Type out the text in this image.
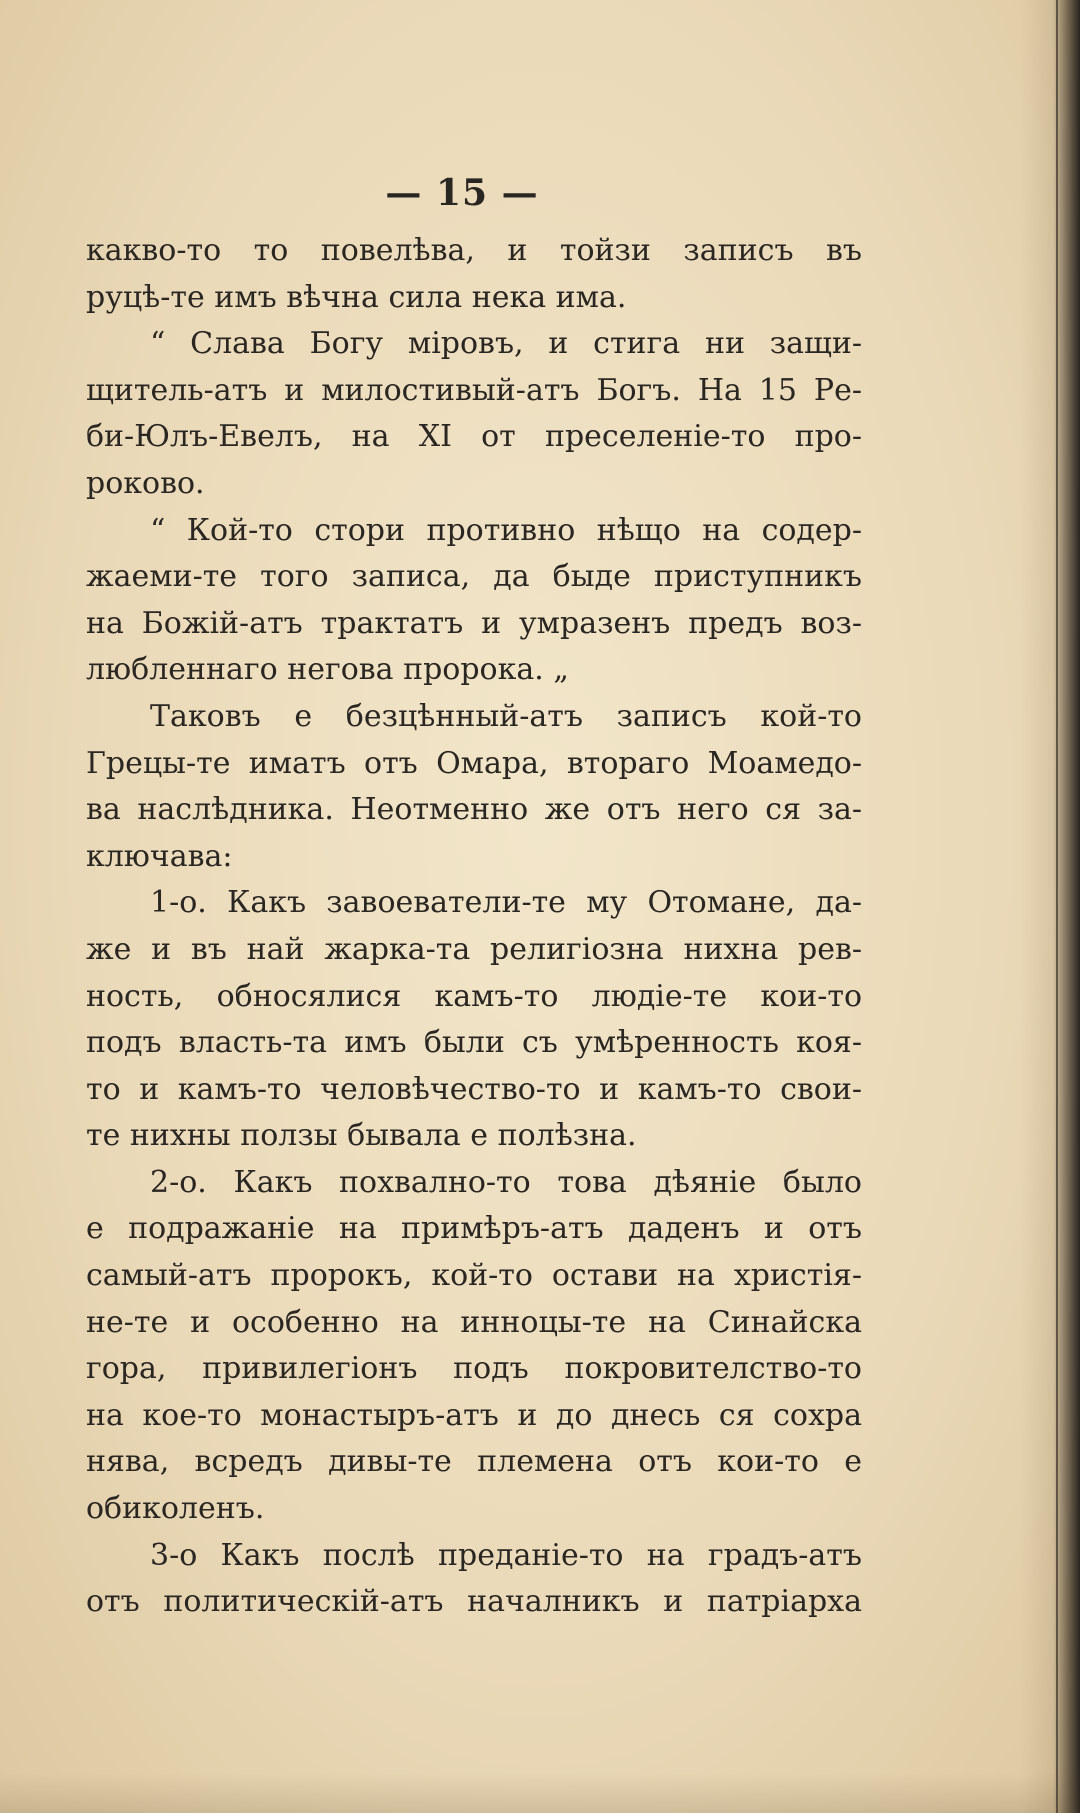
— 15 —
какво-то то повелѣва, и тойзи записъ въ
руцѣ-те имъ вѣчна сила нека има.
“ Слава Богу міровъ, и стига ни защи-
щитель-атъ и милостивый-атъ Богъ. На 15 Ре-
би-Юлъ-Евелъ, на XI от преселеніе-то про-
роково.
“ Кой-то стори противно нѣщо на содер-
жаеми-те того записа, да быде приступникъ
на Божій-атъ трактатъ и умразенъ предъ воз-
любленнаго негова пророка. „
Таковъ е безцѣнный-атъ записъ кой-то
Грецы-те иматъ отъ Омара, втораго Моамедо-
ва наслѣдника. Неотменно же отъ него ся за-
ключава:
1-о. Какъ завоеватели-те му Отомане, да-
же и въ най жарка-та религіозна нихна рев-
ность, обносялися камъ-то людіе-те кои-то
подъ власть-та имъ были съ умѣренность коя-
то и камъ-то человѣчество-то и камъ-то свои-
те нихны ползы бывала е полѣзна.
2-о. Какъ похвално-то това дѣяніе было
е подражаніе на примѣръ-атъ даденъ и отъ
самый-атъ пророкъ, кой-то остави на христія-
не-те и особенно на инноцы-те на Синайска
гора, привилегіонъ подъ покровителство-то
на кое-то монастыръ-атъ и до днесь ся сохра
нява, всредъ дивы-те племена отъ кои-то е
обиколенъ.
3-о Какъ послѣ преданіе-то на градъ-атъ
отъ политическій-атъ началникъ и патріарха
